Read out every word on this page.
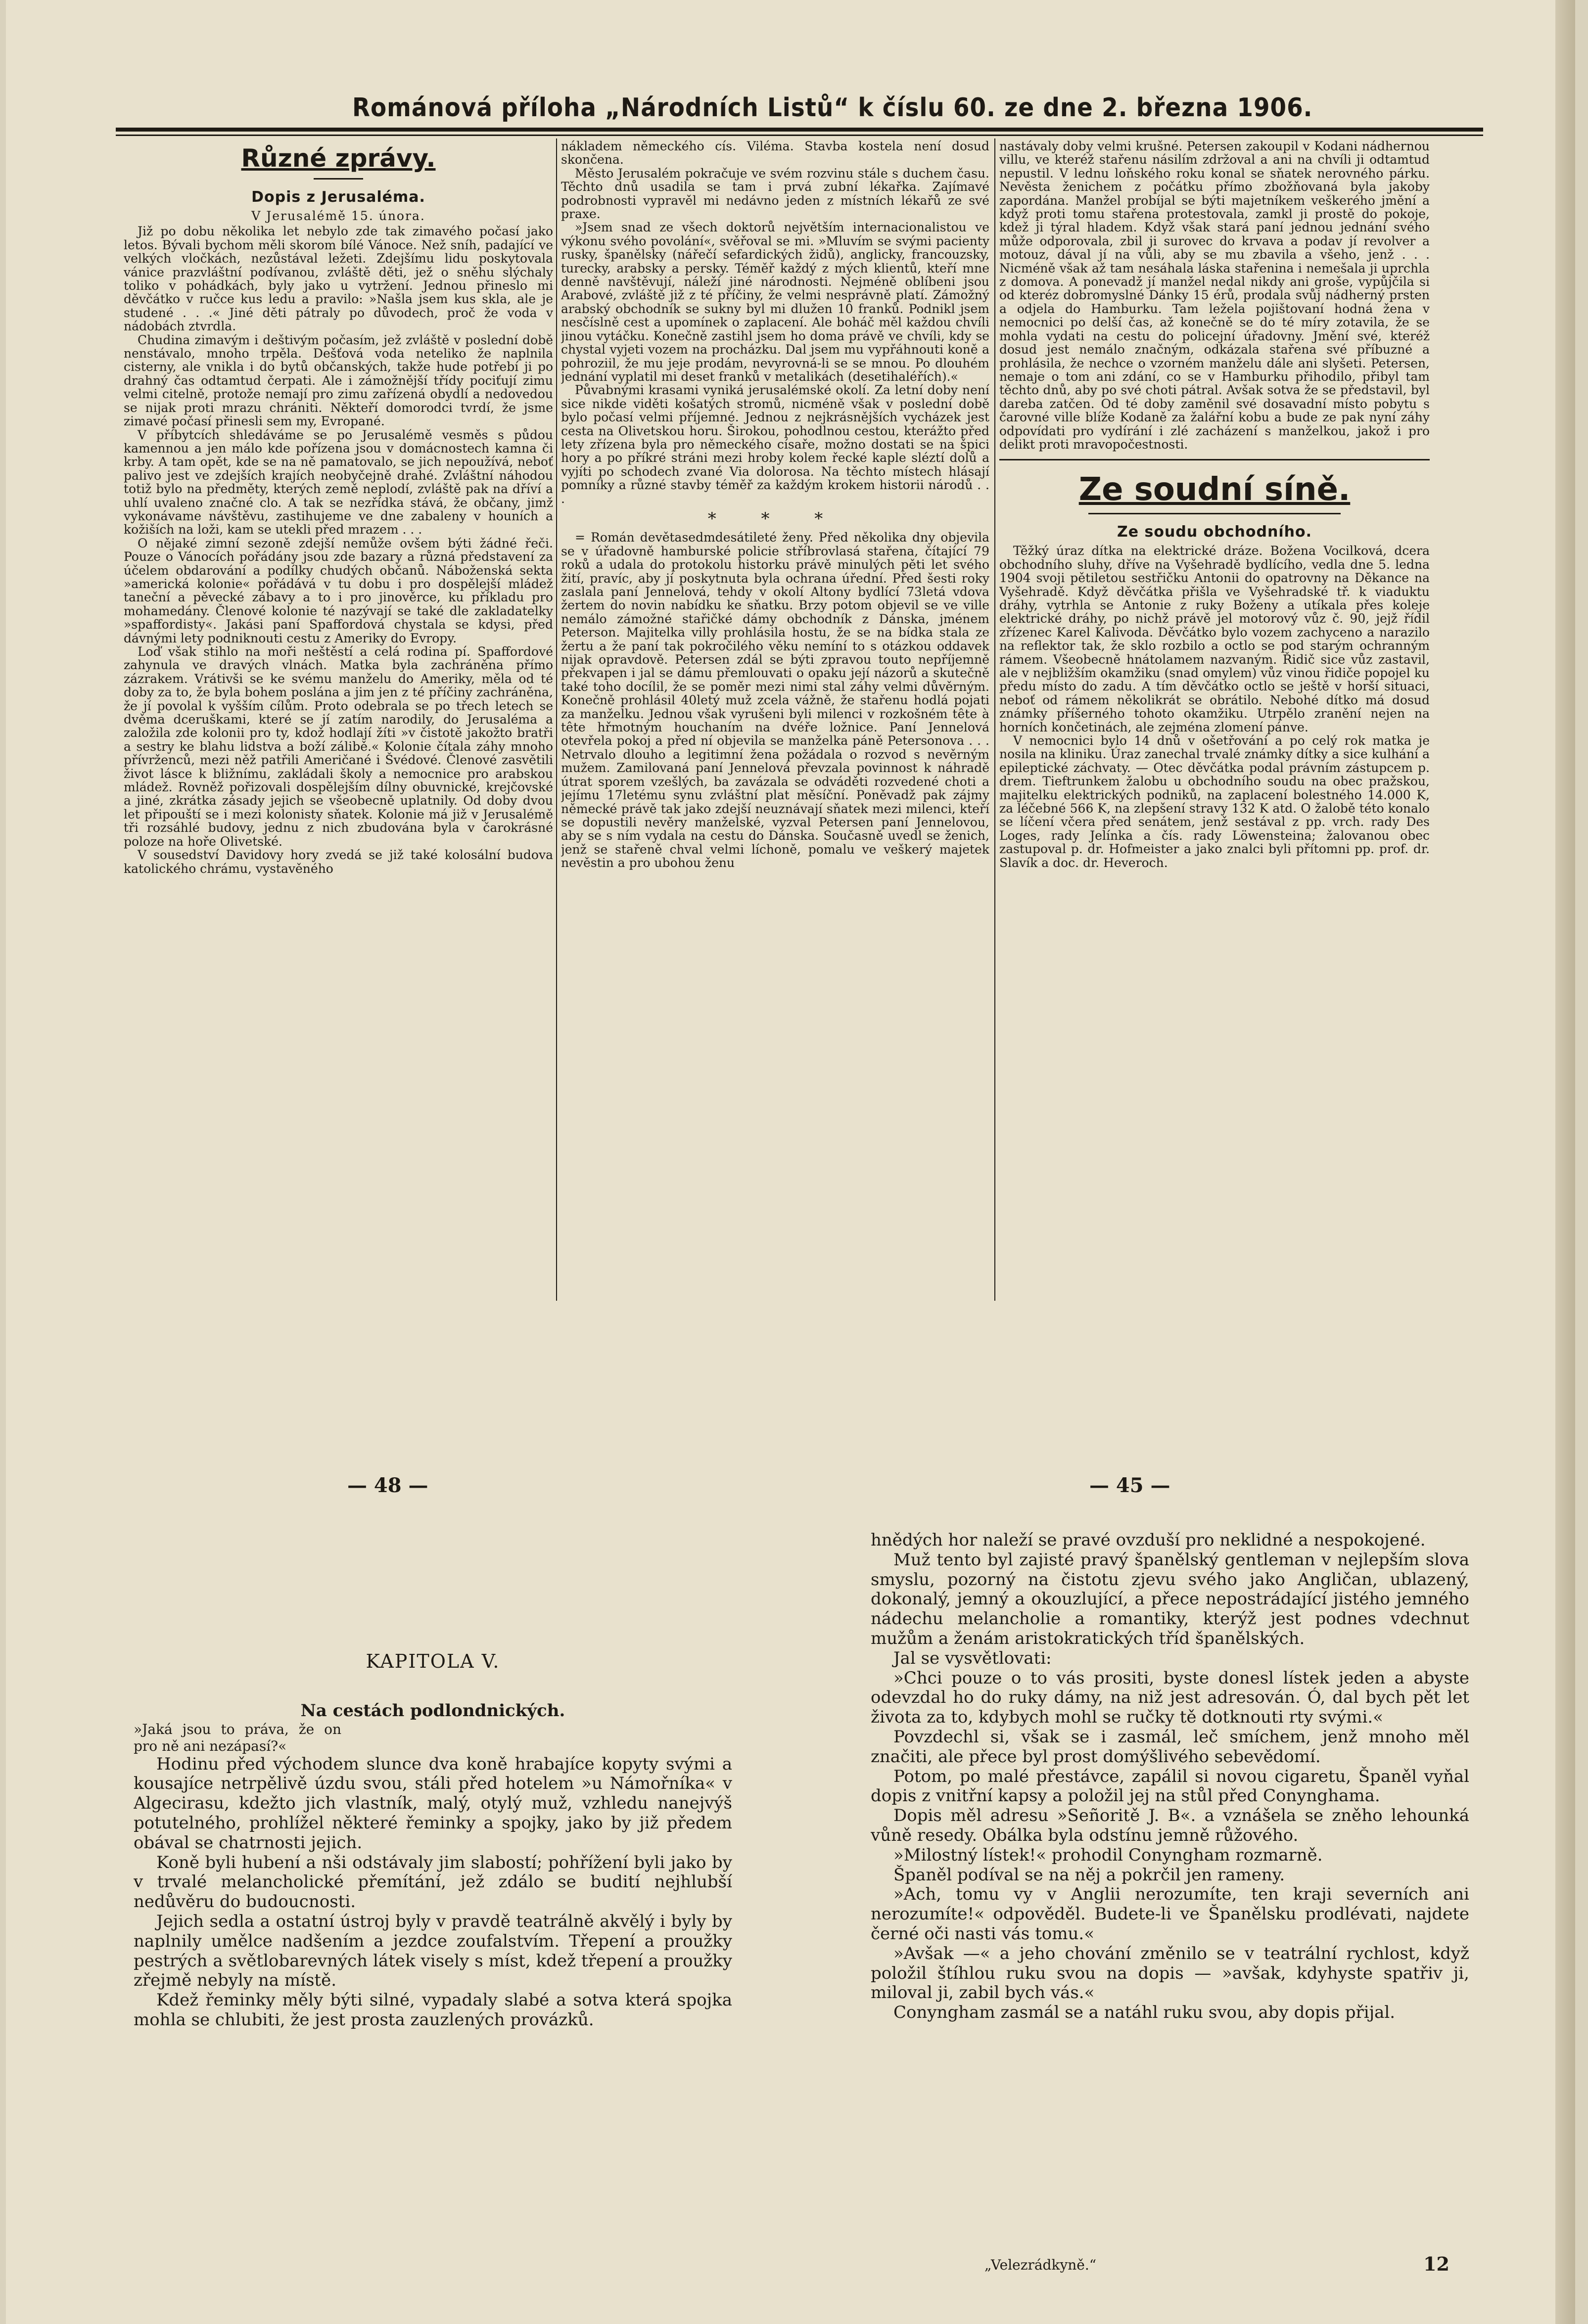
Románová příloha „Národních Listů“ k číslu 60. ze dne 2. března 1906.
Různé zprávy.
Dopis z Jerusaléma.
V Jerusalémě 15. února.

Již po dobu několika let nebylo zde tak zimavého počasí jako letos. Bývali bychom měli skorom bílé Vánoce. Než sníh, padající ve velkých vločkách, nezůstával ležeti. Zdejšímu lidu poskytovala vánice prazvláštní podívanou, zvláště děti, jež o sněhu slýchaly toliko v pohádkách, byly jako u vytržení. Jednou přineslo mi děvčátko v ručce kus ledu a pravilo: »Našla jsem kus skla, ale je studené . . .« Jiné děti pátraly po důvodech, proč že voda v nádobách ztvrdla.

Chudina zimavým i deštivým počasím, jež zvláště v poslední době nenstávalo, mnoho trpěla. Dešťová voda neteliko že naplnila cisterny, ale vnikla i do bytů občanských, takže hude potřebí ji po drahný čas odtamtud čerpati. Ale i zámožnější třídy pociťují zimu velmi citelně, protože nemají pro zimu zařízená obydlí a nedovedou se nijak proti mrazu chrániti. Někteří domorodci tvrdí, že jsme zimavé počasí přinesli sem my, Evropané.

V příbytcích shledáváme se po Jerusalémě vesměs s půdou kamennou a jen málo kde pořízena jsou v domácnostech kamna či krby. A tam opět, kde se na ně pamatovalo, se jich nepoužívá, neboť palivo jest ve zdejších krajích neobyčejně drahé. Zvláštní náhodou totiž bylo na předměty, kterých země neplodí, zvláště pak na dříví a uhlí uvaleno značné clo. A tak se nezřídka stává, že občany, jimž vykonávame návštěvu, zastihujeme ve dne zabaleny v houních a kožiších na loži, kam se utekli před mrazem . . .

O nějaké zimní sezoně zdejší nemůže ovšem býti žádné řeči. Pouze o Vánocích pořádány jsou zde bazary a různá představení za účelem obdarování a podílky chudých občanů. Náboženská sekta »americká kolonie« pořádává v tu dobu i pro dospělejší mládež taneční a pěvecké zábavy a to i pro jinověrce, ku příkladu pro mohamedány. Členové kolonie té nazývají se také dle zakladatelky »spaffordisty«. Jakási paní Spaffordová chystala se kdysi, před dávnými lety podniknouti cestu z Ameriky do Evropy.

Loď však stihlo na moři neštěstí a celá rodina pí. Spaffordové zahynula ve dravých vlnách. Matka byla zachráněna přímo zázrakem. Vrátivši se ke svému manželu do Ameriky, měla od té doby za to, že byla bohem poslána a jim jen z té příčiny zachráněna, že jí povolal k vyšším cílům. Proto odebrala se po třech letech se dvěma dceruškami, které se jí zatím narodily, do Jerusaléma a založila zde kolonii pro ty, kdož hodlají žíti »v čistotě jakožto bratři a sestry ke blahu lidstva a boží zálibě.« Kolonie čítala záhy mnoho přívrženců, mezi něž patřili Američané i Švédové. Členové zasvětili život lásce k bližnímu, zakládali školy a nemocnice pro arabskou mládež. Rovněž pořizovali dospělejším dílny obuvnické, krejčovské a jiné, zkrátka zásady jejich se všeobecně uplatnily. Od doby dvou let připouští se i mezi kolonisty sňatek. Kolonie má již v Jerusalémě tři rozsáhlé budovy, jednu z nich zbudována byla v čarokrásné poloze na hoře Olivetské.

V sousedství Davidovy hory zvedá se již také kolosální budova katolického chrámu, vystavěného

nákladem německého cís. Viléma. Stavba kostela není dosud skončena.

Město Jerusalém pokračuje ve svém rozvinu stále s duchem času. Těchto dnů usadila se tam i prvá zubní lékařka. Zajímavé podrobnosti vypravěl mi nedávno jeden z místních lékařů ze své praxe.

»Jsem snad ze všech doktorů největším internacionalistou ve výkonu svého povolání«, svěřoval se mi. »Mluvím se svými pacienty rusky, španělsky (nářečí sefardických židů), anglicky, francouzsky, turecky, arabsky a persky. Téměř každý z mých klientů, kteří mne denně navštěvují, náleží jiné národnosti. Nejméně oblíbeni jsou Arabové, zvláště již z té příčiny, že velmi nesprávně platí. Zámožný arabský obchodník se sukny byl mi dlužen 10 franků. Podnikl jsem nesčíslně cest a upomínek o zaplacení. Ale boháč měl každou chvíli jinou vytáčku. Konečně zastihl jsem ho doma právě ve chvíli, kdy se chystal vyjeti vozem na procházku. Dal jsem mu vypřáhnouti koně a pohroziil, že mu jeje prodám, nevyrovná-li se se mnou. Po dlouhém jednání vyplatil mi deset franků v metalikách (desetihaléřích).«

Půvabnými krasami vyniká jerusalémské okolí. Za letní doby není sice nikde viděti košatých stromů, nicméně však v poslední době bylo počasí velmi příjemné. Jednou z nejkrásnějších vycházek jest cesta na Olivetskou horu. Širokou, pohodlnou cestou, kterážto před lety zřízena byla pro německého císaře, možno dostati se na špici hory a po příkré stráni mezi hroby kolem řecké kaple sléztí dolů a vyjíti po schodech zvané Via dolorosa. Na těchto místech hlásají pomníky a různé stavby téměř za každým krokem historii národů . . .

* * *

= Román devětasedmdesátileté ženy. Před několika dny objevila se v úřadovně hamburské policie stříbrovlasá stařena, čítající 79 roků a udala do protokolu historku právě minulých pěti let svého žití, pravíc, aby jí poskytnuta byla ochrana úřední. Před šesti roky zaslala paní Jennelová, tehdy v okolí Altony bydlící 73letá vdova žertem do novin nabídku ke sňatku. Brzy potom objevil se ve ville nemálo zámožné stařičké dámy obchodník z Dánska, jménem Peterson. Majitelka villy prohlásila hostu, že se na bídka stala ze žertu a že paní tak pokročilého věku nemíní to s otázkou oddavek nijak opravdově. Petersen zdál se býti zpravou touto nepříjemně překvapen i jal se dámu přemlouvati o opaku její názorů a skutečně také toho docílil, že se poměr mezi nimi stal záhy velmi důvěrným. Konečně prohlásil 40letý muž zcela vážně, že stařenu hodlá pojati za manželku. Jednou však vyrušeni byli milenci v rozkošném tête à tête hřmotným houchaním na dvéře ložnice. Paní Jennelová otevřela pokoj a před ní objevila se manželka páně Petersonova . . . Netrvalo dlouho a legitimní žena požádala o rozvod s nevěrným mužem. Zamilovaná paní Jennelová převzala povinnost k náhradě útrat sporem vzešlých, ba zavázala se odváděti rozvedené choti a jejímu 17letému synu zvláštní plat měsíční. Poněvadž pak zájmy německé právě tak jako zdejší neuznávají sňatek mezi milenci, kteří se dopustili nevěry manželské, vyzval Petersen paní Jennelovou, aby se s ním vydala na cestu do Dánska. Současně uvedl se ženich, jenž se stařeně chval velmi líchoně, pomalu ve veškerý majetek nevěstin a pro ubohou ženu

nastávaly doby velmi krušné. Petersen zakoupil v Kodani nádhernou villu, ve kteréž stařenu násilím zdržoval a ani na chvíli ji odtamtud nepustil. V lednu loňského roku konal se sňatek nerovného párku. Nevěsta ženichem z počátku přímo zbožňovaná byla jakoby zapordána. Manžel probíjal se býti majetníkem veškerého jmění a když proti tomu stařena protestovala, zamkl ji prostě do pokoje, kdež ji týral hladem. Když však stará paní jednou jednání svého může odporovala, zbil ji surovec do krvava a podav jí revolver a motouz, dával jí na vůli, aby se mu zbavila a všeho, jenž . . . Nicméně však až tam nesáhala láska stařenina i nemešala ji uprchla z domova. A ponevadž jí manžel nedal nikdy ani groše, vypůjčila si od kteréz dobromyslné Dánky 15 érů, prodala svůj nádherný prsten a odjela do Hamburku. Tam ležela pojištovaní hodná žena v nemocnici po delší čas, až konečně se do té míry zotavila, že se mohla vydati na cestu do policejní úřadovny. Jmění své, kteréž dosud jest nemálo značným, odkázala stařena své příbuzné a prohlásila, že nechce o vzorném manželu dále ani slyšeti. Petersen, nemaje o tom ani zdání, co se v Hamburku přihodilo, přibyl tam těchto dnů, aby po své choti pátral. Avšak sotva že se představil, byl dareba zatčen. Od té doby zaměnil své dosavadní místo pobytu s čarovné ville blíže Kodaně za žalářní kobu a bude ze pak nyní záhy odpovídati pro vydírání i zlé zacházení s manželkou, jakož i pro delikt proti mravopočestnosti.

Ze soudní síně.
Ze soudu obchodního.

Těžký úraz dítka na elektrické dráze. Božena Vocilková, dcera obchodního sluhy, dříve na Vyšehradě bydlícího, vedla dne 5. ledna 1904 svoji pětiletou sestřičku Antonii do opatrovny na Děkance na Vyšehradě. Když děvčátka přišla ve Vyšehradské tř. k viaduktu dráhy, vytrhla se Antonie z ruky Boženy a utíkala přes koleje elektrické dráhy, po nichž právě jel motorový vůz č. 90, jejž řídil zřízenec Karel Kalivoda. Děvčátko bylo vozem zachyceno a narazilo na reflektor tak, že sklo rozbilo a octlo se pod starým ochranným rámem. Všeobecně hnátolamem nazvaným. Řidič sice vůz zastavil, ale v nejbližším okamžiku (snad omylem) vůz vinou řidiče popojel ku předu místo do zadu. A tím děvčátko octlo se ještě v horší situaci, neboť od rámem několikrát se obrátilo. Nebohé dítko má dosud známky příšerného tohoto okamžiku. Utrpělo zranění nejen na horních končetinách, ale zejména zlomení pánve.

V nemocnici bylo 14 dnů v ošetřování a po celý rok matka je nosila na kliniku. Úraz zanechal trvalé známky dítky a sice kulhání a epileptické záchvaty. — Otec děvčátka podal právním zástupcem p. drem. Tieftrunkem žalobu u obchodního soudu na obec pražskou, majitelku elektrických podniků, na zaplacení bolestného 14.000 K, za léčebné 566 K, na zlepšení stravy 132 K atd. O žalobě této konalo se líčení včera před senátem, jenž sestával z pp. vrch. rady Des Loges, rady Jelínka a čís. rady Löwensteina; žalovanou obec zastupoval p. dr. Hofmeister a jako znalci byli přítomni pp. prof. dr. Slavík a doc. dr. Heveroch.

— 48 —	— 45 —
KAPITOLA V.
Na cestách podlondnických.

»Jaká jsou to práva, že on pro ně ani nezápasí?«

Hodinu před východem slunce dva koně hrabajíce kopyty svými a kousajíce netrpělivě úzdu svou, stáli před hotelem »u Námořníka« v Algecirasu, kdežto jich vlastník, malý, otylý muž, vzhledu nanejvýš potutelného, prohlížel některé řeminky a spojky, jako by již předem obával se chatrnosti jejich.

Koně byli hubení a nši odstávaly jim slabostí; pohřížení byli jako by v trvalé melancholické přemítání, jež zdálo se budití nejhlubší nedůvěru do budoucnosti.

Jejich sedla a ostatní ústroj byly v pravdě teatrálně akvělý i byly by naplnily umělce nadšením a jezdce zoufalstvím. Třepení a proužky pestrých a světlobarevných látek visely s míst, kdež třepení a proužky zřejmě nebyly na místě.

Kdež řeminky měly býti silné, vypadaly slabé a sotva která spojka mohla se chlubiti, že jest prosta zauzlených provázků.

hnědých hor naleží se pravé ovzduší pro neklidné a nespokojené.

Muž tento byl zajisté pravý španělský gentleman v nejlepším slova smyslu, pozorný na čistotu zjevu svého jako Angličan, ublazený, dokonalý, jemný a okouzlující, a přece nepostrádající jistého jemného nádechu melancholie a romantiky, kterýž jest podnes vdechnut mužům a ženám aristokratických tříd španělských.

Jal se vysvětlovati:

»Chci pouze o to vás prositi, byste donesl lístek jeden a abyste odevzdal ho do ruky dámy, na niž jest adresován. Ó, dal bych pět let života za to, kdybych mohl se ručky tě dotknouti rty svými.«

Povzdechl si, však se i zasmál, leč smíchem, jenž mnoho měl značiti, ale přece byl prost domýšlivého sebevědomí.

Potom, po malé přestávce, zapálil si novou cigaretu, Španěl vyňal dopis z vnitřní kapsy a položil jej na stůl před Conynghama.

Dopis měl adresu »Señoritě J. B«. a vznášela se zněho lehounká vůně resedy. Obálka byla odstínu jemně růžového.

»Milostný lístek!« prohodil Conyngham rozmarně.

Španěl podíval se na něj a pokrčil jen rameny.

»Ach, tomu vy v Anglii nerozumíte, ten kraji severních ani nerozumíte!« odpověděl. Budete-li ve Španělsku prodlévati, najdete černé oči nasti vás tomu.«

»Avšak —« a jeho chování změnilo se v teatrální rychlost, když položil štíhlou ruku svou na dopis — »avšak, kdyhyste spatřiv ji, miloval ji, zabil bych vás.«

Conyngham zasmál se a natáhl ruku svou, aby dopis přijal.

„Velezrádkyně.“	12
